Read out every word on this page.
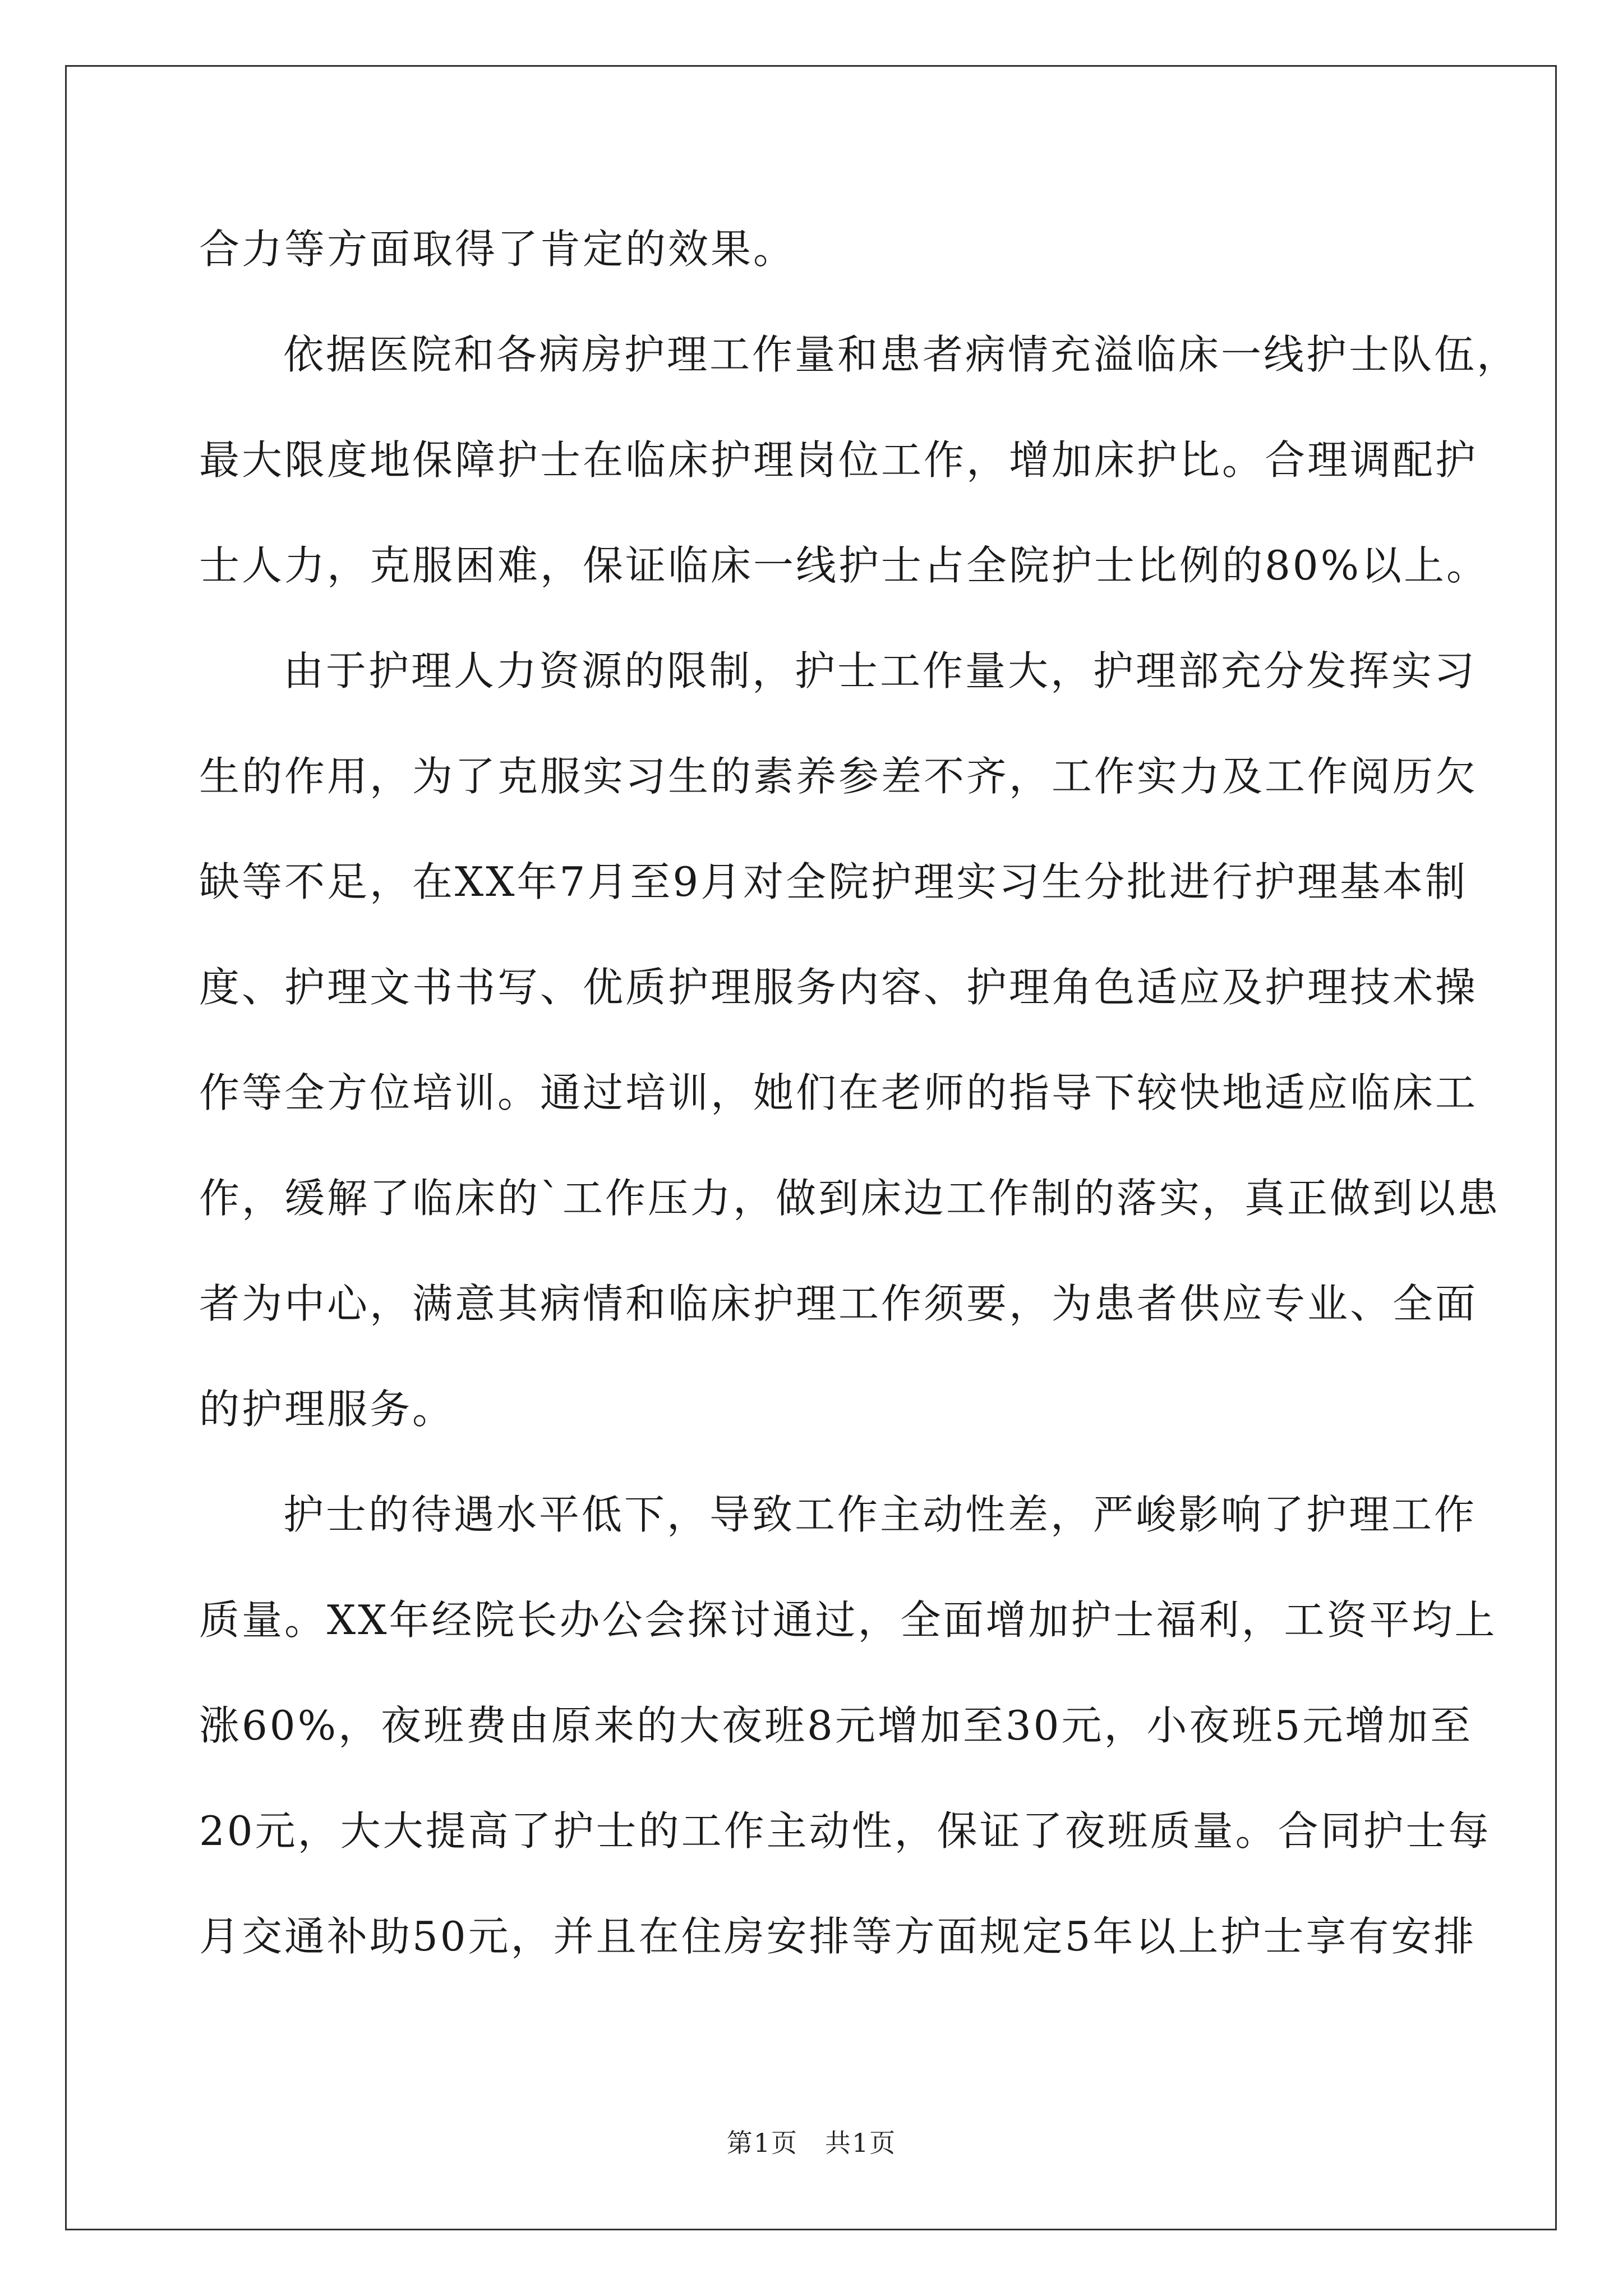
合力等方面取得了肯定的效果。
依据医院和各病房护理工作量和患者病情充溢临床一线护士队伍，
最大限度地保障护士在临床护理岗位工作，增加床护比。合理调配护
士人力，克服困难，保证临床一线护士占全院护士比例的80%以上。
由于护理人力资源的限制，护士工作量大，护理部充分发挥实习
生的作用，为了克服实习生的素养参差不齐，工作实力及工作阅历欠
缺等不足，在XX年7月至9月对全院护理实习生分批进行护理基本制
度、护理文书书写、优质护理服务内容、护理角色适应及护理技术操
作等全方位培训。通过培训，她们在老师的指导下较快地适应临床工
作，缓解了临床的`工作压力，做到床边工作制的落实，真正做到以患
者为中心，满意其病情和临床护理工作须要，为患者供应专业、全面
的护理服务。
护士的待遇水平低下，导致工作主动性差，严峻影响了护理工作
质量。XX年经院长办公会探讨通过，全面增加护士福利，工资平均上
涨60%，夜班费由原来的大夜班8元增加至30元，小夜班5元增加至
20元，大大提高了护士的工作主动性，保证了夜班质量。合同护士每
月交通补助50元，并且在住房安排等方面规定5年以上护士享有安排
第1页　共1页
